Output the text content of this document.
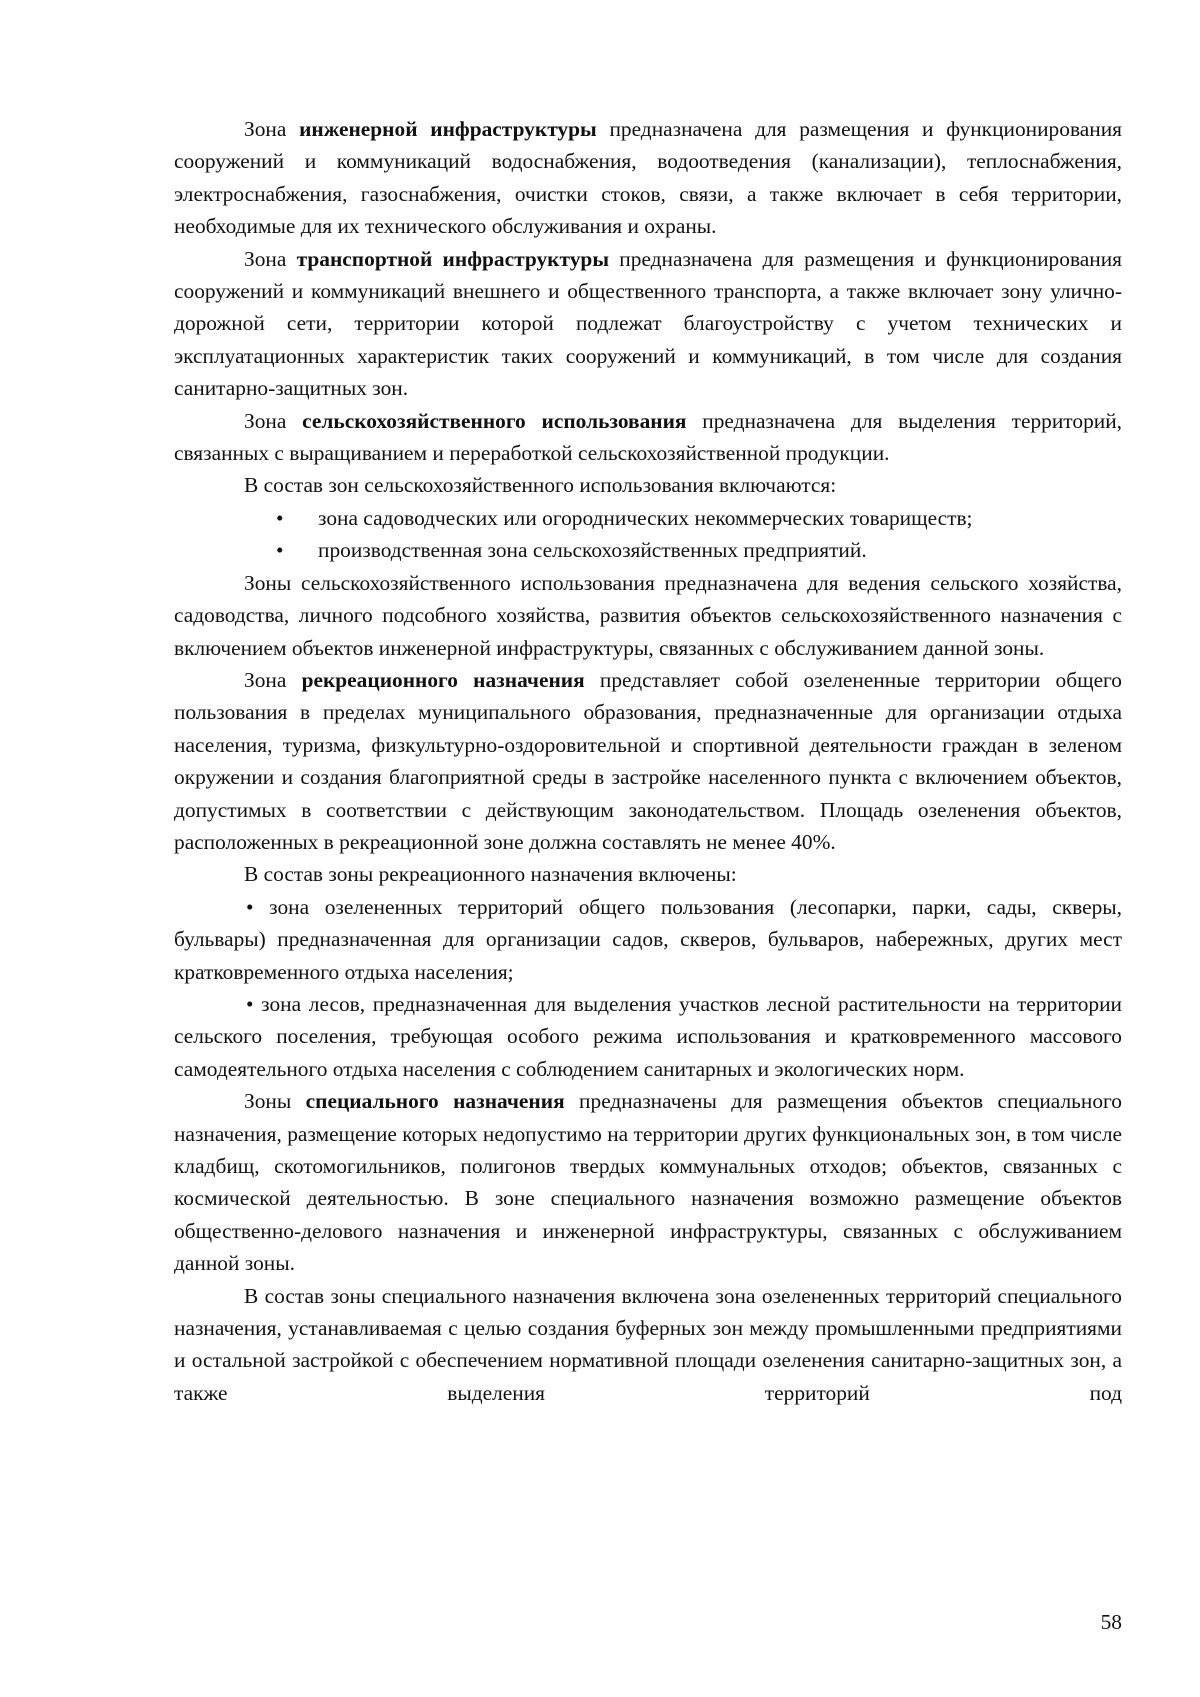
Зона инженерной инфраструктуры предназначена для размещения и функционирования сооружений и коммуникаций водоснабжения, водоотведения (канализации), теплоснабжения, электроснабжения, газоснабжения, очистки стоков, связи, а также включает в себя территории, необходимые для их технического обслуживания и охраны.

Зона транспортной инфраструктуры предназначена для размещения и функционирования сооружений и коммуникаций внешнего и общественного транспорта, а также включает зону улично-дорожной сети, территории которой подлежат благоустройству с учетом технических и эксплуатационных характеристик таких сооружений и коммуникаций, в том числе для создания санитарно-защитных зон.

Зона сельскохозяйственного использования предназначена для выделения территорий, связанных с выращиванием и переработкой сельскохозяйственной продукции.

В состав зон сельскохозяйственного использования включаются:

• зона садоводческих или огороднических некоммерческих товариществ;
• производственная зона сельскохозяйственных предприятий.

Зоны сельскохозяйственного использования предназначена для ведения сельского хозяйства, садоводства, личного подсобного хозяйства, развития объектов сельскохозяйственного назначения с включением объектов инженерной инфраструктуры, связанных с обслуживанием данной зоны.

Зона рекреационного назначения представляет собой озелененные территории общего пользования в пределах муниципального образования, предназначенные для организации отдыха населения, туризма, физкультурно-оздоровительной и спортивной деятельности граждан в зеленом окружении и создания благоприятной среды в застройке населенного пункта с включением объектов, допустимых в соответствии с действующим законодательством. Площадь озеленения объектов, расположенных в рекреационной зоне должна составлять не менее 40%.

В состав зоны рекреационного назначения включены:

• зона озелененных территорий общего пользования (лесопарки, парки, сады, скверы, бульвары) предназначенная для организации садов, скверов, бульваров, набережных, других мест кратковременного отдыха населения;

• зона лесов, предназначенная для выделения участков лесной растительности на территории сельского поселения, требующая особого режима использования и кратковременного массового самодеятельного отдыха населения с соблюдением санитарных и экологических норм.

Зоны специального назначения предназначены для размещения объектов специального назначения, размещение которых недопустимо на территории других функциональных зон, в том числе кладбищ, скотомогильников, полигонов твердых коммунальных отходов; объектов, связанных с космической деятельностью. В зоне специального назначения возможно размещение объектов общественно-делового назначения и инженерной инфраструктуры, связанных с обслуживанием данной зоны.

В состав зоны специального назначения включена зона озелененных территорий специального назначения, устанавливаемая с целью создания буферных зон между промышленными предприятиями и остальной застройкой с обеспечением нормативной площади озеленения санитарно-защитных зон, а также выделения территорий под

58
